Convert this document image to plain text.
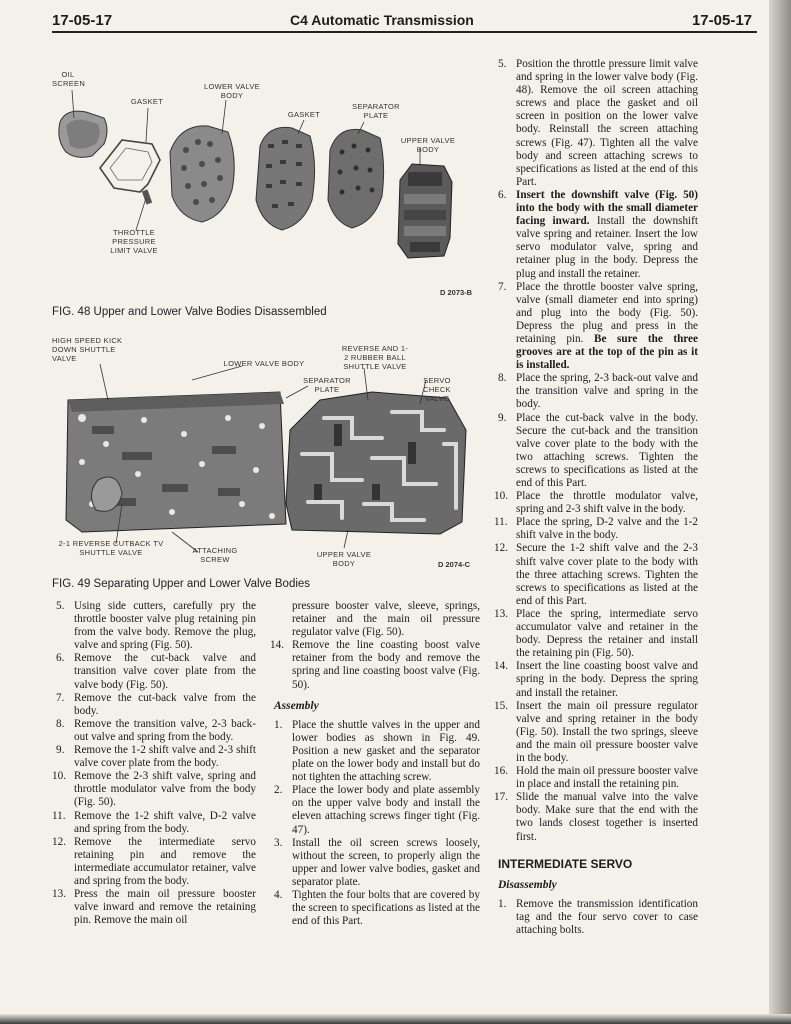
17-05-17	C4 Automatic Transmission	17-05-17
OIL SCREEN
GASKET
LOWER VALVE BODY
GASKET
SEPARATOR PLATE
UPPER VALVE BODY
THROTTLE PRESSURE LIMIT VALVE
D 2073-B
FIG. 48 Upper and Lower Valve Bodies Disassembled
HIGH SPEED KICK DOWN SHUTTLE VALVE
LOWER VALVE BODY
REVERSE AND 1-2 RUBBER BALL SHUTTLE VALVE
SEPARATOR PLATE
SERVO CHECK VALVE
2-1 REVERSE CUTBACK TV SHUTTLE VALVE	ATTACHING SCREW
UPPER VALVE BODY	D 2074-C
FIG. 49 Separating Upper and Lower Valve Bodies
5. Using side cutters, carefully pry the throttle booster valve plug retaining pin from the valve body. Remove the plug, valve and spring (Fig. 50).
6. Remove the cut-back valve and transition valve cover plate from the valve body (Fig. 50).
7. Remove the cut-back valve from the body.
8. Remove the transition valve, 2-3 back-out valve and spring from the body.
9. Remove the 1-2 shift valve and 2-3 shift valve cover plate from the body.
10. Remove the 2-3 shift valve, spring and throttle modulator valve from the body (Fig. 50).
11. Remove the 1-2 shift valve, D-2 valve and spring from the body.
12. Remove the intermediate servo retaining pin and remove the intermediate accumulator retainer, valve and spring from the body.
13. Press the main oil pressure booster valve inward and remove the retaining pin. Remove the main oil
pressure booster valve, sleeve, springs, retainer and the main oil pressure regulator valve (Fig. 50).
14. Remove the line coasting boost valve retainer from the body and remove the spring and line coasting boost valve (Fig. 50).
Assembly
1. Place the shuttle valves in the upper and lower bodies as shown in Fig. 49. Position a new gasket and the separator plate on the lower body and install but do not tighten the attaching screw.
2. Place the lower body and plate assembly on the upper valve body and install the eleven attaching screws finger tight (Fig. 47).
3. Install the oil screen screws loosely, without the screen, to properly align the upper and lower valve bodies, gasket and separator plate.
4. Tighten the four bolts that are covered by the screen to specifications as listed at the end of this Part.
5. Position the throttle pressure limit valve and spring in the lower valve body (Fig. 48). Remove the oil screen attaching screws and place the gasket and oil screen in position on the lower valve body. Reinstall the screen attaching screws (Fig. 47). Tighten all the valve body and screen attaching screws to specifications as listed at the end of this Part.
6. Insert the downshift valve (Fig. 50) into the body with the small diameter facing inward. Install the downshift valve spring and retainer. Insert the low servo modulator valve, spring and retainer plug in the body. Depress the plug and install the retainer.
7. Place the throttle booster valve spring, valve (small diameter end into spring) and plug into the body (Fig. 50). Depress the plug and press in the retaining pin. Be sure the three grooves are at the top of the pin as it is installed.
8. Place the spring, 2-3 back-out valve and the transition valve and spring in the body.
9. Place the cut-back valve in the body. Secure the cut-back and the transition valve cover plate to the body with the two attaching screws. Tighten the screws to specifications as listed at the end of this Part.
10. Place the throttle modulator valve, spring and 2-3 shift valve in the body.
11. Place the spring, D-2 valve and the 1-2 shift valve in the body.
12. Secure the 1-2 shift valve and the 2-3 shift valve cover plate to the body with the three attaching screws. Tighten the screws to specifications as listed at the end of this Part.
13. Place the spring, intermediate servo accumulator valve and retainer in the body. Depress the retainer and install the retaining pin (Fig. 50).
14. Insert the line coasting boost valve and spring in the body. Depress the spring and install the retainer.
15. Insert the main oil pressure regulator valve and spring retainer in the body (Fig. 50). Install the two springs, sleeve and the main oil pressure booster valve in the body.
16. Hold the main oil pressure booster valve in place and install the retaining pin.
17. Slide the manual valve into the valve body. Make sure that the end with the two lands closest together is inserted first.
INTERMEDIATE SERVO
Disassembly
1. Remove the transmission identification tag and the four servo cover to case attaching bolts.
